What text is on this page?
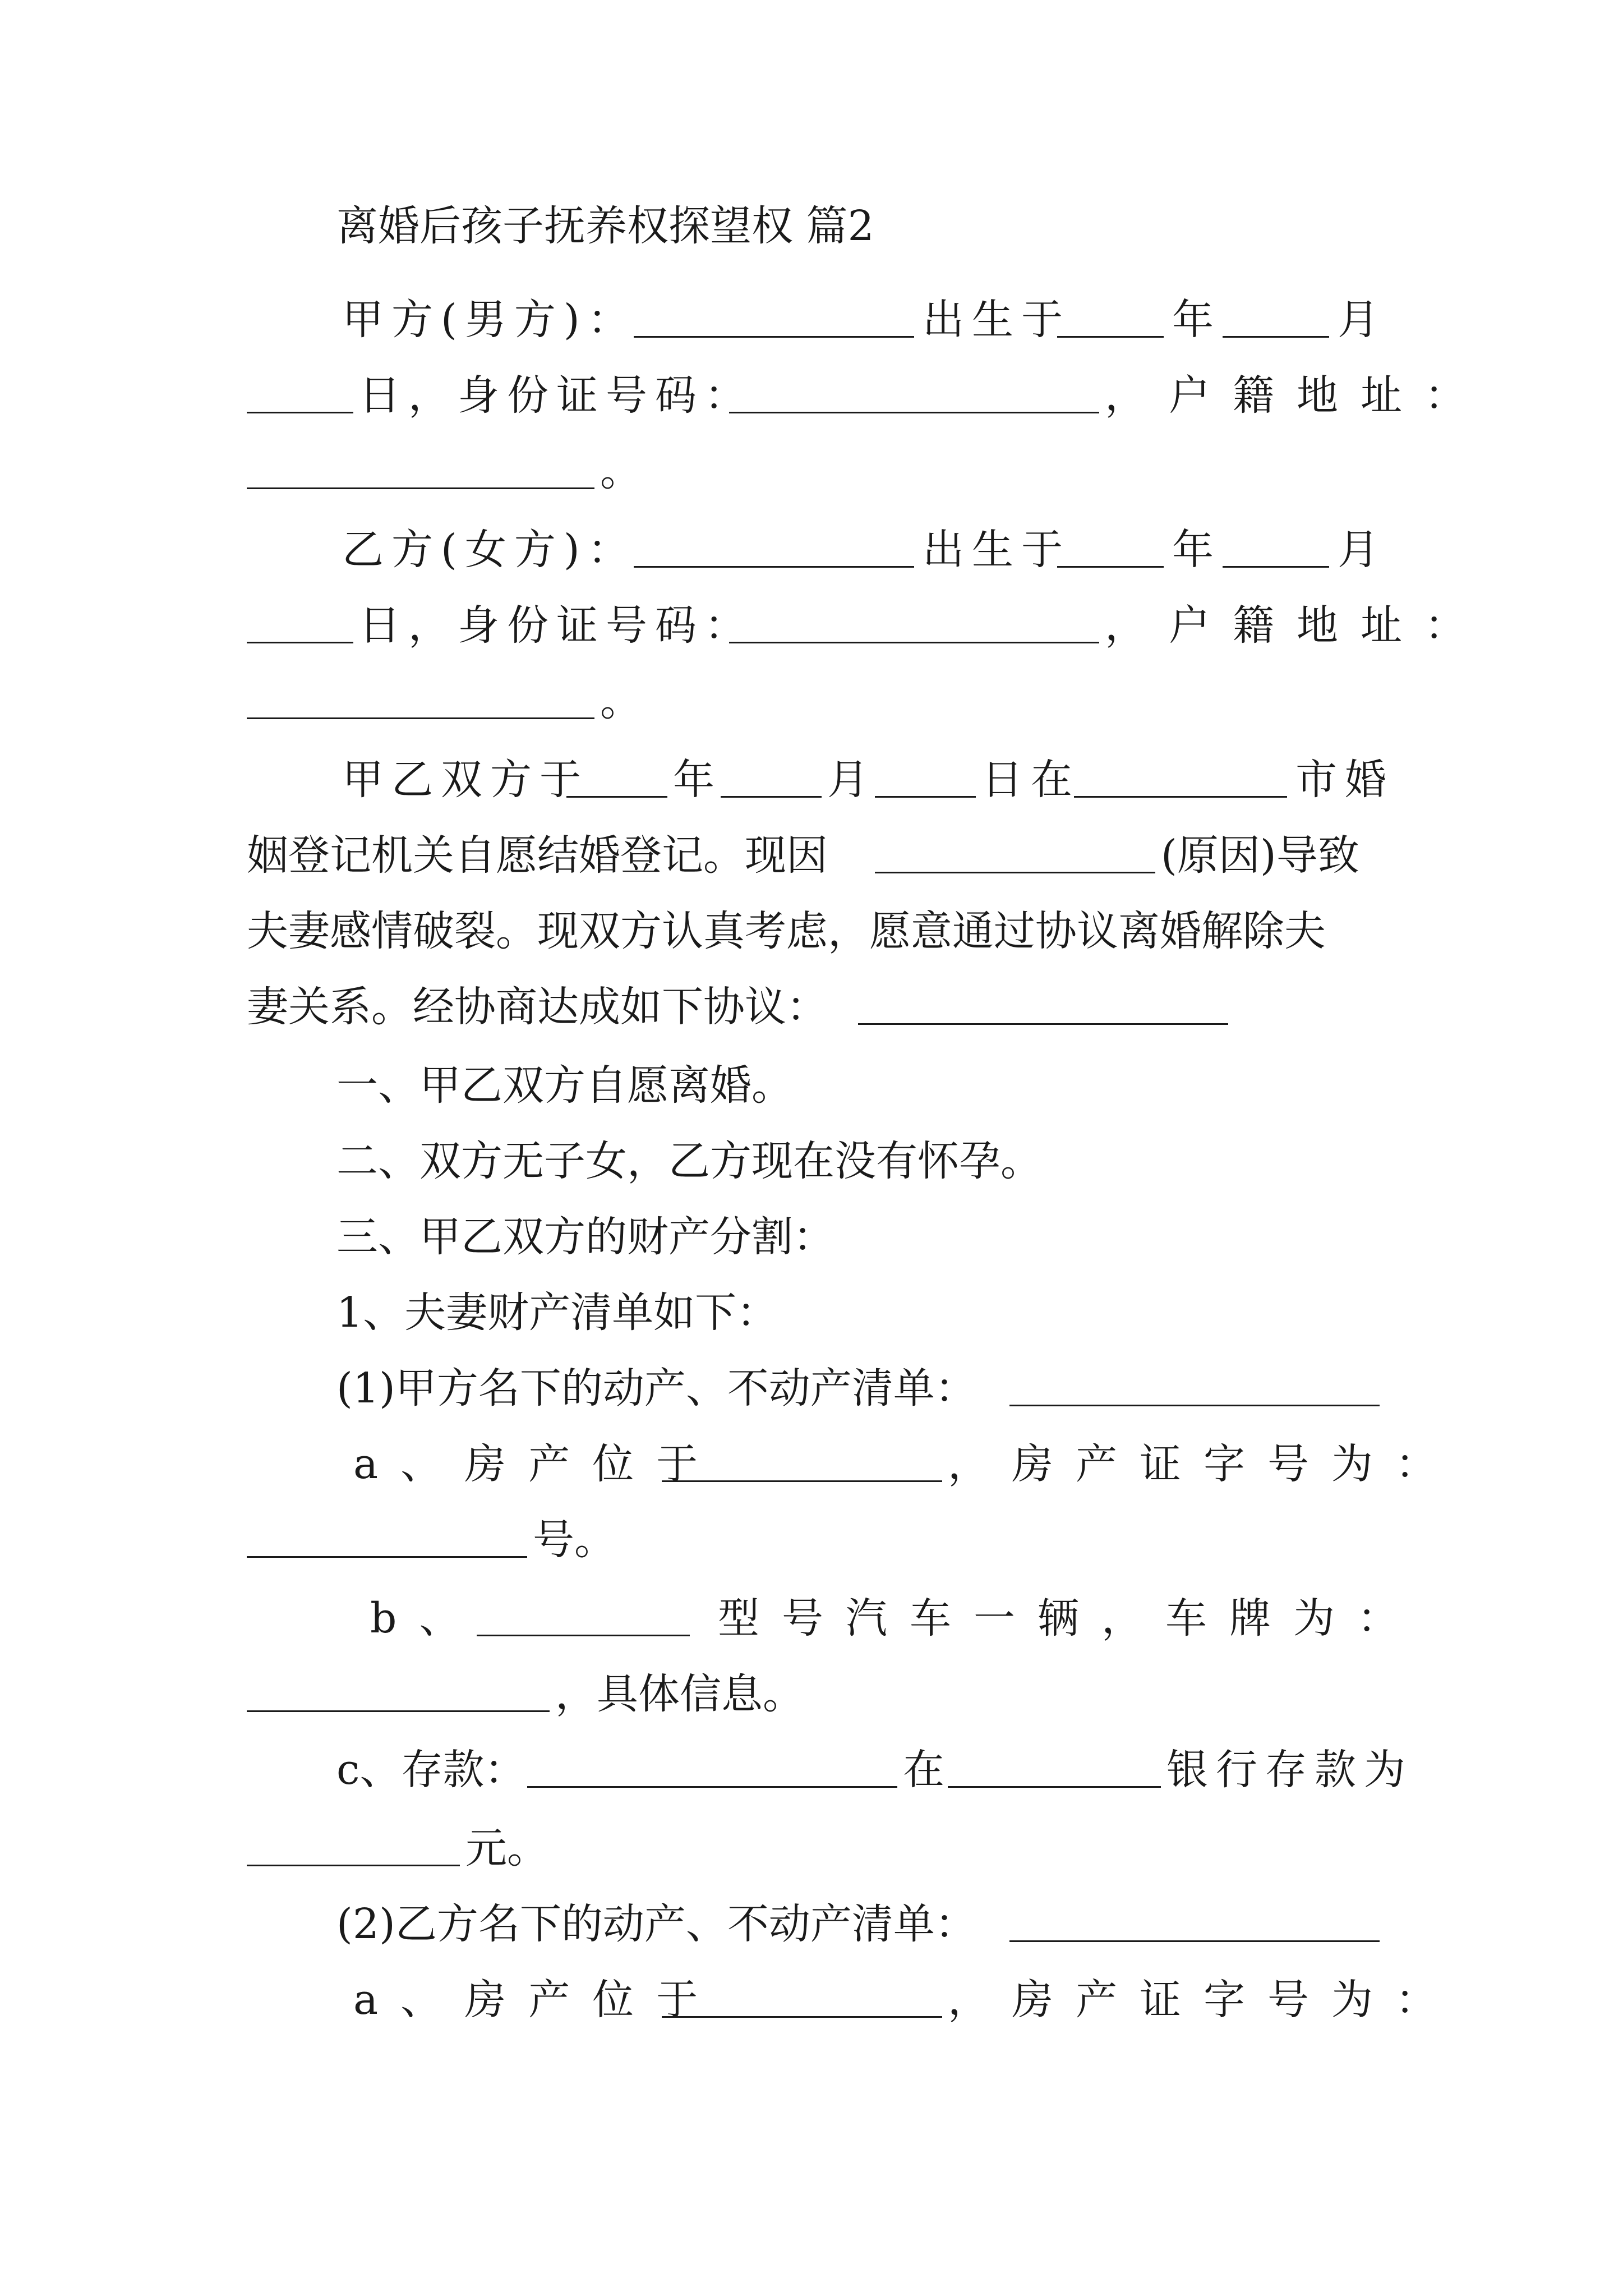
离婚后孩子抚养权探望权 篇2
甲方(男方)：	出生于 年	月
日，身份证号码：	，户籍地址：
。
乙方(女方)：	出生于 年	月
日，身份证号码：	，户籍地址：
。
甲乙双方于 年	月	日在	市婚
姻登记机关自愿结婚登记。现因	(原因)导致
夫妻感情破裂。现双方认真考虑，愿意通过协议离婚解除夫
妻关系。经协商达成如下协议：
一、甲乙双方自愿离婚。
二、双方无子女，乙方现在没有怀孕。
三、甲乙双方的财产分割：
1、夫妻财产清单如下：
(1)甲方名下的动产、不动产清单：
a、房产位于	，房产证字号为：
号。
b、	型号汽车一辆，车牌为：
，具体信息。
c、存款：	在	银行存款为
元。
(2)乙方名下的动产、不动产清单：
a、房产位于	，房产证字号为：
